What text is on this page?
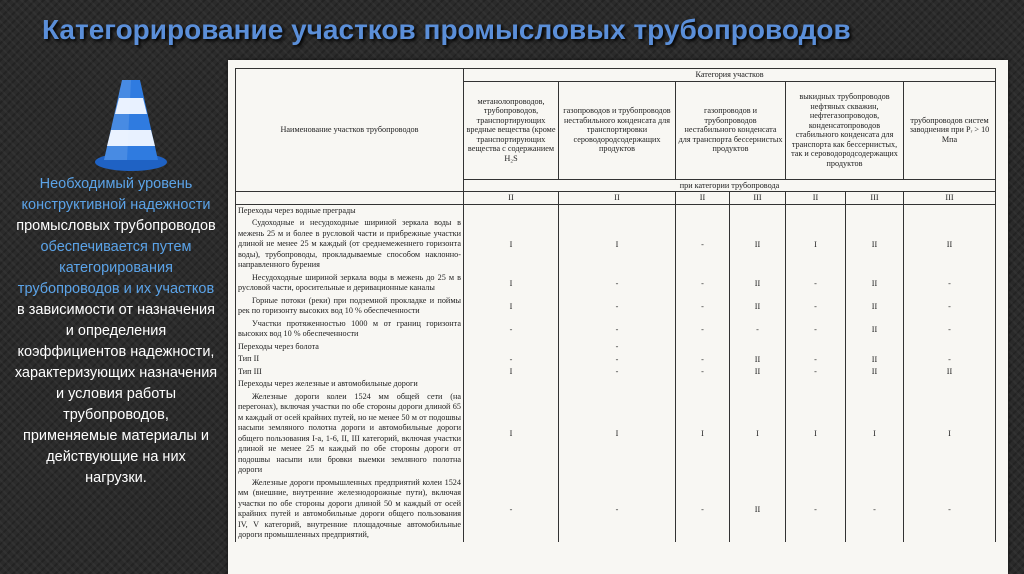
Категорирование участков промысловых трубопроводов
Необходимый уровень конструктивной надежности промысловых трубопроводов обеспечивается путем категорирования трубопроводов и их участков в зависимости от назначения и определения коэффициентов надежности, характеризующих назначения и условия работы трубопроводов, применяемые материалы и действующие на них нагрузки.

Наименование участков трубопроводов	Категория участков						
	метанолопроводов, трубопроводов, транспортирующих вредные вещества (кроме транспортирующих вещества с содержанием H₂S	газопроводов и трубопроводов нестабильного конденсата для транспортировки сероводородсодержащих продуктов	газопроводов и трубопроводов нестабильного конденсата для транспорта бессернистых продуктов		выкидных трубопроводов нефтяных скважин, нефтегазопроводов, конденсатопроводов стабильного конденсата для транспорта как бессернистых, так и сероводородсодержащих продуктов		трубопроводов систем заводнения при Pᵣ > 10 Мпа
	при категории трубопровода						
	II	II	II	III	II	III	III
Переходы через водные преграды							
Судоходные и несудоходные шириной зеркала воды в межень 25 м и более в русловой части и прибрежные участки длиной не менее 25 м каждый (от среднемеженнего горизонта воды), трубопроводы, прокладываемые способом наклонно-направленного бурения	I	I	-	II	I	II	II
Несудоходные шириной зеркала воды в межень до 25 м в русловой части, оросительные и деривационные каналы	I	-	-	II	-	II	-
Горные потоки (реки) при подземной прокладке и поймы рек по горизонту высоких вод 10 % обеспеченности	I	-	-	II	-	II	-
Участки протяженностью 1000 м от границ горизонта высоких вод 10 % обеспеченности	-	-	-	-	-	II	-
Переходы через болота		-					
Тип II	-	-	-	II	-	II	-
Тип III	I	-	-	II	-	II	II
Переходы через железные и автомобильные дороги							
Железные дороги колеи 1524 мм общей сети (на перегонах), включая участки по обе стороны дороги длиной 65 м каждый от осей крайних путей, но не менее 50 м от подошвы насыпи земляного полотна дороги и автомобильные дороги общего пользования I-а, 1-6, II, III категорий, включая участки длиной не менее 25 м каждый по обе стороны дороги от подошвы насыпи или бровки выемки земляного полотна дороги	I	I	I	I	I	I	I
Железные дороги промышленных предприятий колеи 1524 мм (внешние, внутренние железнодорожные пути), включая участки по обе стороны дороги длиной 50 м каждый от осей крайних путей и автомобильные дороги общего пользования IV, V категорий, внутренние площадочные автомобильные дороги промышленных предприятий,	-	-	-	II	-	-	-
